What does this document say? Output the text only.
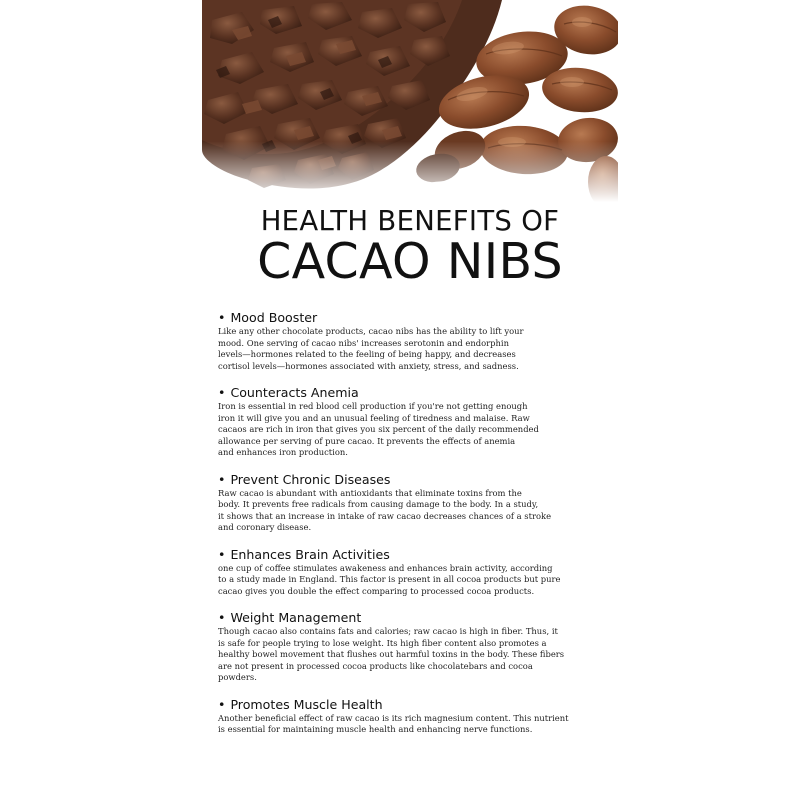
HEALTH BENEFITS OF
CACAO NIBS
• Mood Booster
Like any other chocolate products, cacao nibs has the ability to lift your
mood. One serving of cacao nibs' increases serotonin and endorphin
levels—hormones related to the feeling of being happy, and decreases
cortisol levels—hormones associated with anxiety, stress, and sadness.
• Counteracts Anemia
Iron is essential in red blood cell production if you're not getting enough
iron it will give you and an unusual feeling of tiredness and malaise. Raw
cacaos are rich in iron that gives you six percent of the daily recommended
allowance per serving of pure cacao. It prevents the effects of anemia
and enhances iron production.
• Prevent Chronic Diseases
Raw cacao is abundant with antioxidants that eliminate toxins from the
body. It prevents free radicals from causing damage to the body. In a study,
it shows that an increase in intake of raw cacao decreases chances of a stroke
and coronary disease.
• Enhances Brain Activities
one cup of coffee stimulates awakeness and enhances brain activity, according
to a study made in England. This factor is present in all cocoa products but pure
cacao gives you double the effect comparing to processed cocoa products.
• Weight Management
Though cacao also contains fats and calories; raw cacao is high in fiber. Thus, it
is safe for people trying to lose weight. Its high fiber content also promotes a
healthy bowel movement that flushes out harmful toxins in the body. These fibers
are not present in processed cocoa products like chocolatebars and cocoa
powders.
• Promotes Muscle Health
Another beneficial effect of raw cacao is its rich magnesium content. This nutrient
is essential for maintaining muscle health and enhancing nerve functions.
